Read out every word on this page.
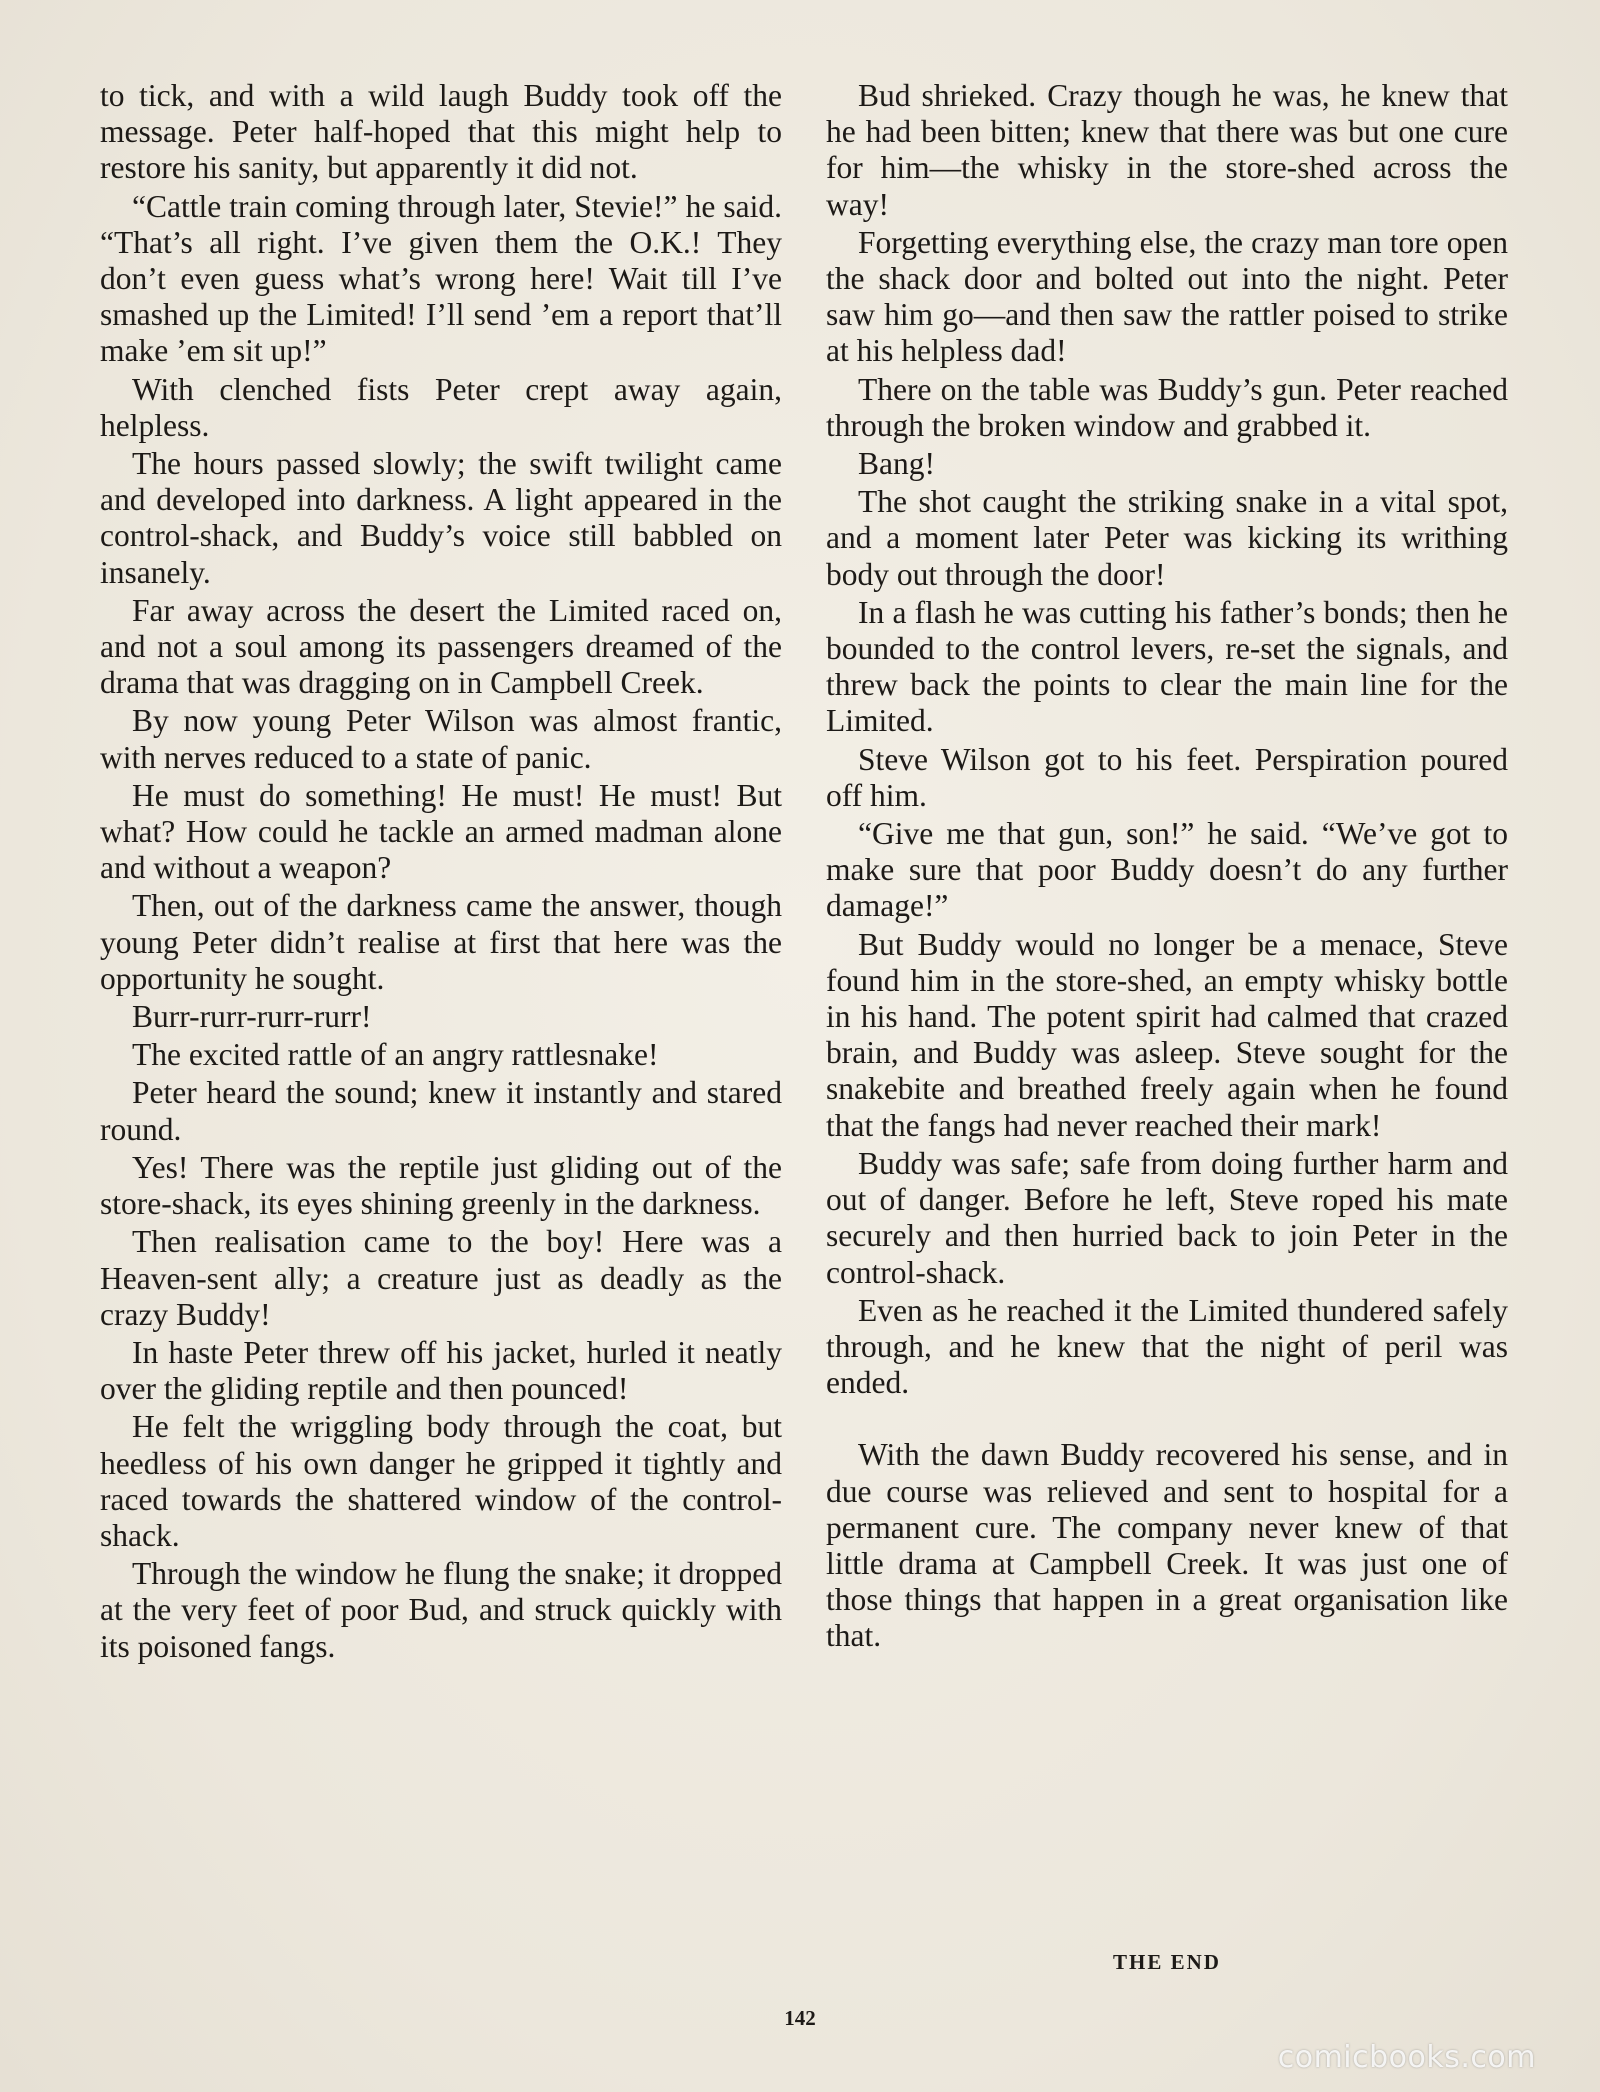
to tick, and with a wild laugh Buddy took off the message. Peter half-hoped that this might help to restore his sanity, but apparently it did not.

“Cattle train coming through later, Stevie!” he said. “That’s all right. I’ve given them the O.K.! They don’t even guess what’s wrong here! Wait till I’ve smashed up the Limited! I’ll send ’em a report that’ll make ’em sit up!”

With clenched fists Peter crept away again, helpless.

The hours passed slowly; the swift twilight came and developed into darkness. A light appeared in the control-shack, and Buddy’s voice still babbled on insanely.

Far away across the desert the Limited raced on, and not a soul among its passengers dreamed of the drama that was dragging on in Campbell Creek.

By now young Peter Wilson was almost frantic, with nerves reduced to a state of panic.

He must do something! He must! He must! But what? How could he tackle an armed madman alone and without a weapon?

Then, out of the darkness came the answer, though young Peter didn’t realise at first that here was the opportunity he sought.

Burr-rurr-rurr-rurr!

The excited rattle of an angry rattlesnake!

Peter heard the sound; knew it instantly and stared round.

Yes! There was the reptile just gliding out of the store-shack, its eyes shining greenly in the darkness.

Then realisation came to the boy! Here was a Heaven-sent ally; a creature just as deadly as the crazy Buddy!

In haste Peter threw off his jacket, hurled it neatly over the gliding reptile and then pounced!

He felt the wriggling body through the coat, but heedless of his own danger he gripped it tightly and raced towards the shattered window of the control-shack.

Through the window he flung the snake; it dropped at the very feet of poor Bud, and struck quickly with its poisoned fangs.

Bud shrieked. Crazy though he was, he knew that he had been bitten; knew that there was but one cure for him—the whisky in the store-shed across the way!

Forgetting everything else, the crazy man tore open the shack door and bolted out into the night. Peter saw him go—and then saw the rattler poised to strike at his helpless dad!

There on the table was Buddy’s gun. Peter reached through the broken window and grabbed it.

Bang!

The shot caught the striking snake in a vital spot, and a moment later Peter was kicking its writhing body out through the door!

In a flash he was cutting his father’s bonds; then he bounded to the control levers, re-set the signals, and threw back the points to clear the main line for the Limited.

Steve Wilson got to his feet. Perspiration poured off him.

“Give me that gun, son!” he said. “We’ve got to make sure that poor Buddy doesn’t do any further damage!”

But Buddy would no longer be a menace, Steve found him in the store-shed, an empty whisky bottle in his hand. The potent spirit had calmed that crazed brain, and Buddy was asleep. Steve sought for the snakebite and breathed freely again when he found that the fangs had never reached their mark!

Buddy was safe; safe from doing further harm and out of danger. Before he left, Steve roped his mate securely and then hurried back to join Peter in the control-shack.

Even as he reached it the Limited thundered safely through, and he knew that the night of peril was ended.

With the dawn Buddy recovered his sense, and in due course was relieved and sent to hospital for a permanent cure. The company never knew of that little drama at Campbell Creek. It was just one of those things that happen in a great organisation like that.

THE END
142
comicbooks.com
